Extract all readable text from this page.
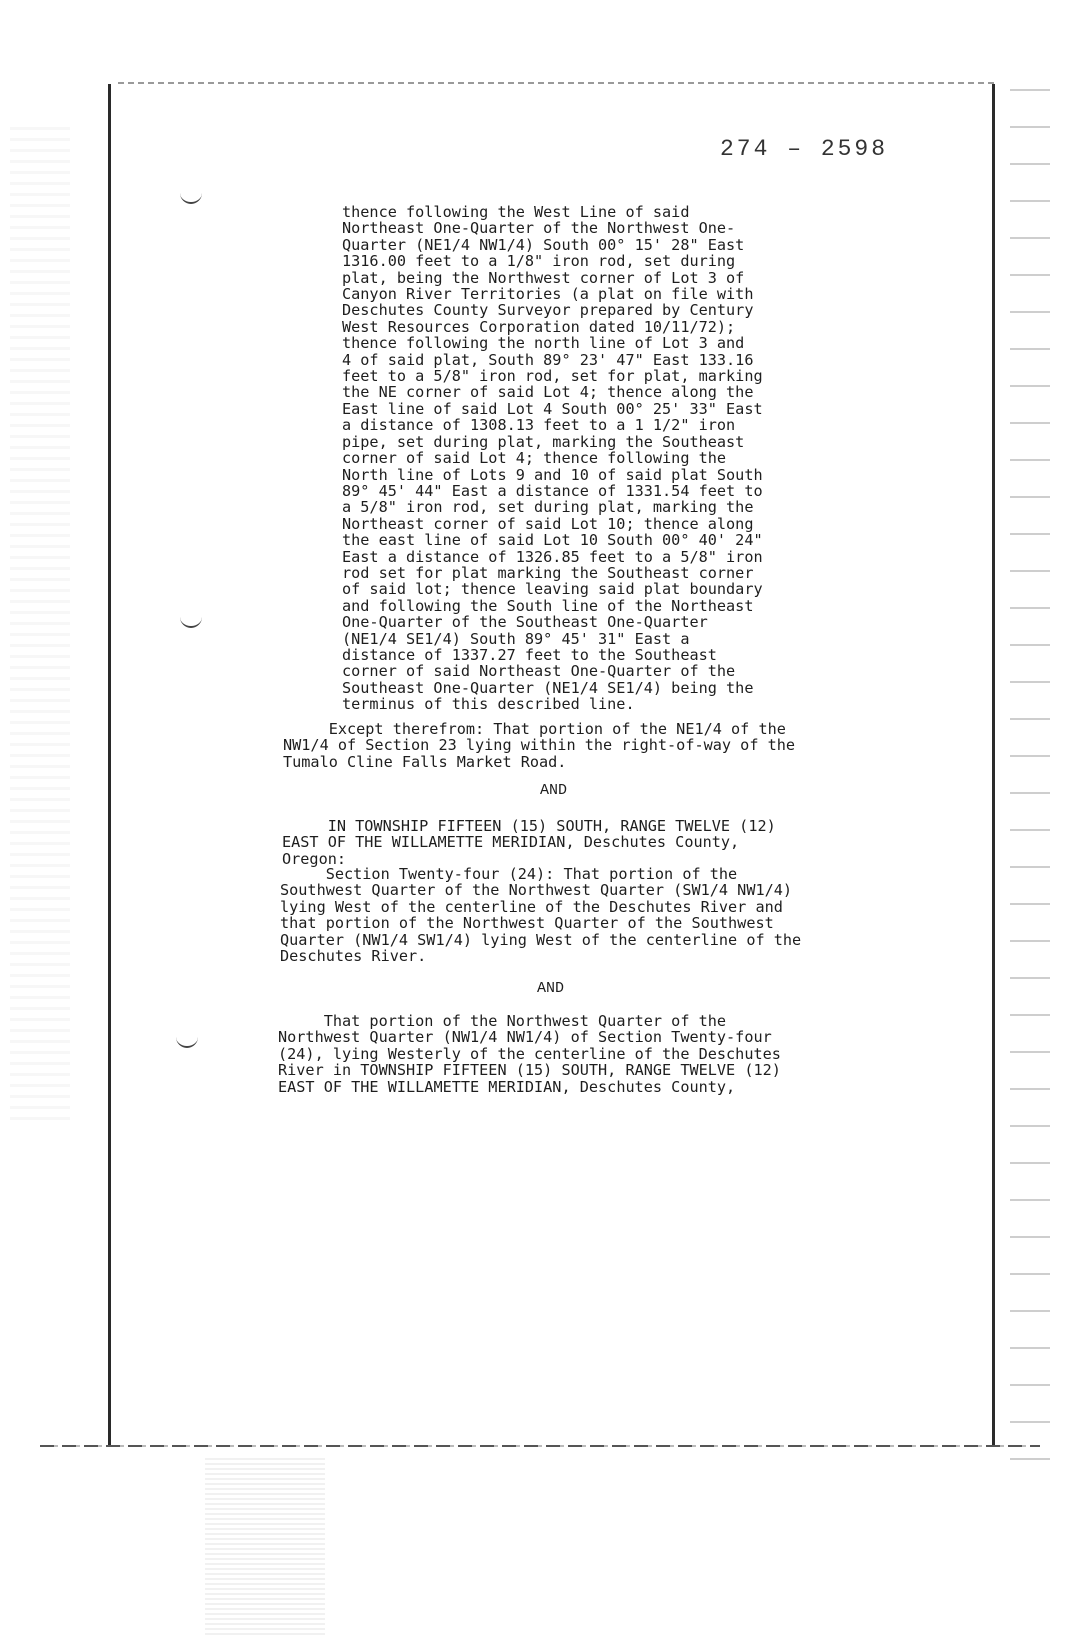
274 – 2598
thence following the West Line of said
Northeast One-Quarter of the Northwest One-
Quarter (NE1/4 NW1/4) South 00° 15' 28" East
1316.00 feet to a 1/8" iron rod, set during
plat, being the Northwest corner of Lot 3 of
Canyon River Territories (a plat on file with
Deschutes County Surveyor prepared by Century
West Resources Corporation dated 10/11/72);
thence following the north line of Lot 3 and
4 of said plat, South 89° 23' 47" East 133.16
feet to a 5/8" iron rod, set for plat, marking
the NE corner of said Lot 4; thence along the
East line of said Lot 4 South 00° 25' 33" East
a distance of 1308.13 feet to a 1 1/2" iron
pipe, set during plat, marking the Southeast
corner of said Lot 4; thence following the
North line of Lots 9 and 10 of said plat South
89° 45' 44" East a distance of 1331.54 feet to
a 5/8" iron rod, set during plat, marking the
Northeast corner of said Lot 10; thence along
the east line of said Lot 10 South 00° 40' 24"
East a distance of 1326.85 feet to a 5/8" iron
rod set for plat marking the Southeast corner
of said lot; thence leaving said plat boundary
and following the South line of the Northeast
One-Quarter of the Southeast One-Quarter
(NE1/4 SE1/4) South 89° 45' 31" East a
distance of 1337.27 feet to the Southeast
corner of said Northeast One-Quarter of the
Southeast One-Quarter (NE1/4 SE1/4) being the
terminus of this described line.
Except therefrom: That portion of the NE1/4 of the
NW1/4 of Section 23 lying within the right-of-way of the
Tumalo Cline Falls Market Road.
AND
IN TOWNSHIP FIFTEEN (15) SOUTH, RANGE TWELVE (12)
EAST OF THE WILLAMETTE MERIDIAN, Deschutes County,
Oregon:
Section Twenty-four (24): That portion of the
Southwest Quarter of the Northwest Quarter (SW1/4 NW1/4)
lying West of the centerline of the Deschutes River and
that portion of the Northwest Quarter of the Southwest
Quarter (NW1/4 SW1/4) lying West of the centerline of the
Deschutes River.
AND
That portion of the Northwest Quarter of the
Northwest Quarter (NW1/4 NW1/4) of Section Twenty-four
(24), lying Westerly of the centerline of the Deschutes
River in TOWNSHIP FIFTEEN (15) SOUTH, RANGE TWELVE (12)
EAST OF THE WILLAMETTE MERIDIAN, Deschutes County,
